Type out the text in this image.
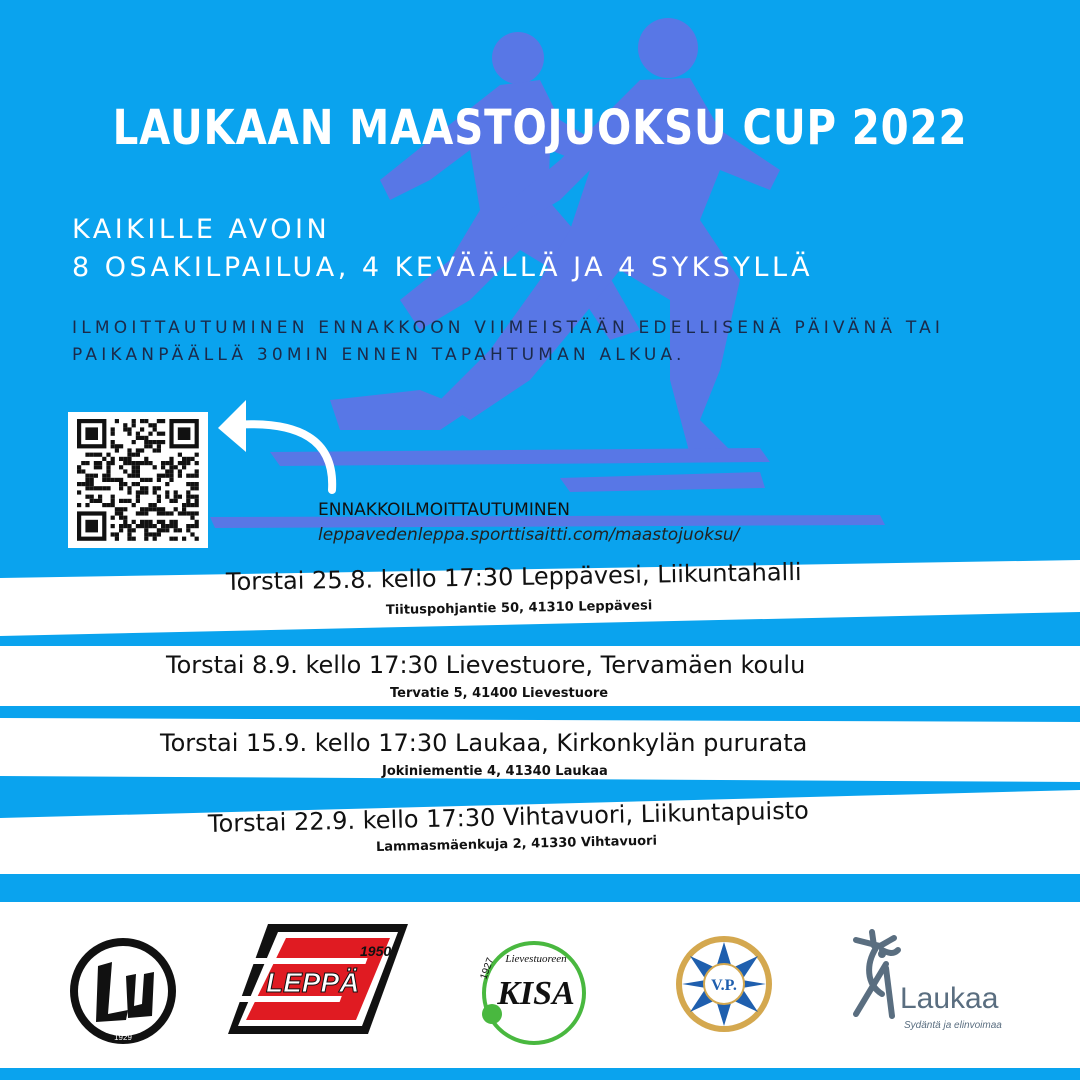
LAUKAAN MAASTOJUOKSU CUP 2022
KAIKILLE AVOIN
8 OSAKILPAILUA, 4 KEVÄÄLLÄ JA 4 SYKSYLLÄ
ILMOITTAUTUMINEN ENNAKKOON VIIMEISTÄÄN EDELLISENÄ PÄIVÄNÄ TAI
PAIKANPÄÄLLÄ 30MIN ENNEN TAPAHTUMAN ALKUA.
ENNAKKOILMOITTAUTUMINEN
leppavedenleppa.sporttisaitti.com/maastojuoksu/
Torstai 25.8. kello 17:30 Leppävesi, Liikuntahalli
Tiituspohjantie 50, 41310 Leppävesi
Torstai 8.9. kello 17:30 Lievestuore, Tervamäen koulu
Tervatie 5, 41400 Lievestuore
Torstai 15.9. kello 17:30 Laukaa, Kirkonkylän pururata
Jokiniementie 4, 41340 Laukaa
Torstai 22.9. kello 17:30 Vihtavuori, Liikuntapuisto
Lammasmäenkuja 2, 41330 Vihtavuori
1929
1950
LEPPÄ
Lievestuoreen
1927
KISA	V.P.	Laukaa
Sydäntä ja elinvoimaa
